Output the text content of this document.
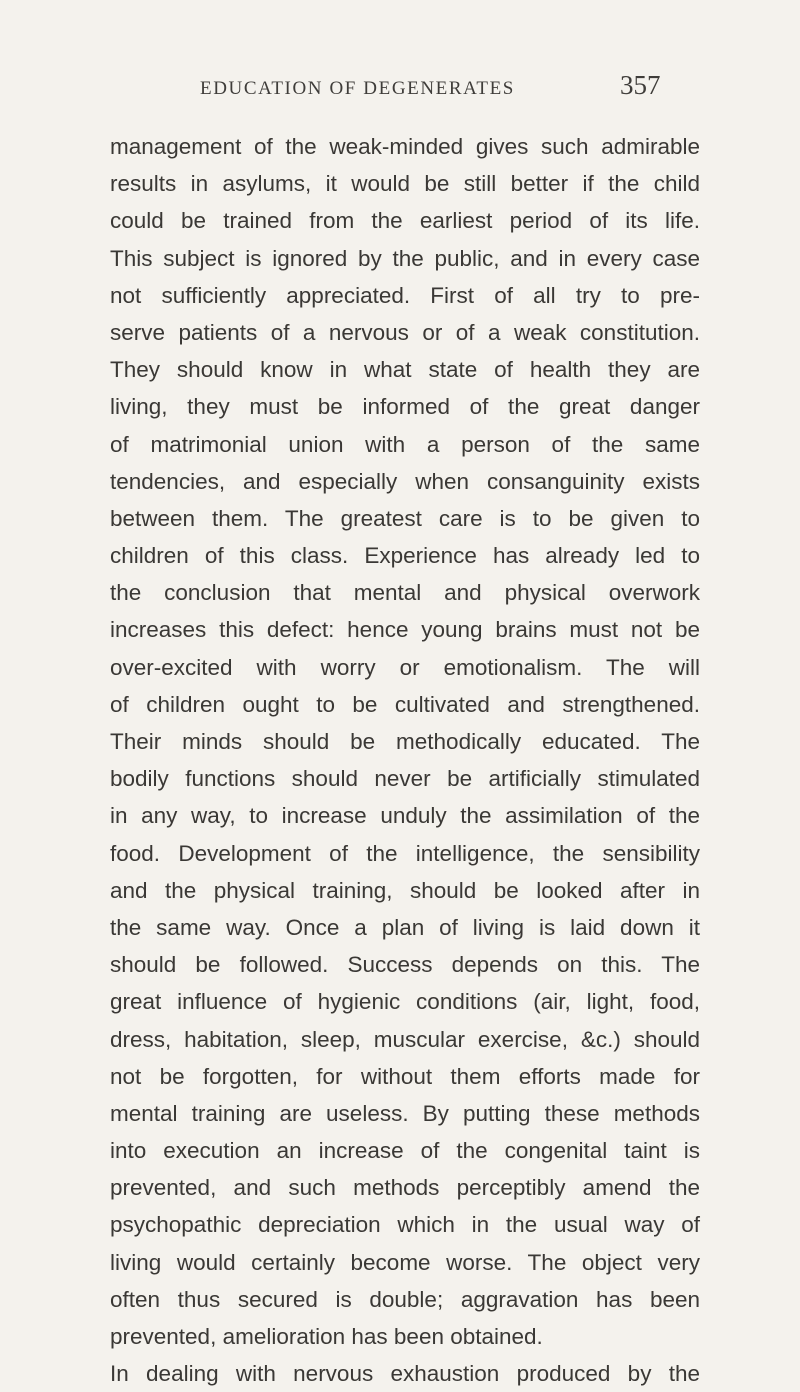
EDUCATION OF DEGENERATES	357
management of the weak-minded gives such admirable
results in asylums, it would be still better if the child
could be trained from the earliest period of its life.
This subject is ignored by the public, and in every case
not sufficiently appreciated. First of all try to pre-
serve patients of a nervous or of a weak constitution.
They should know in what state of health they are
living, they must be informed of the great danger
of matrimonial union with a person of the same
tendencies, and especially when consanguinity exists
between them. The greatest care is to be given to
children of this class. Experience has already led to
the conclusion that mental and physical overwork
increases this defect: hence young brains must not be
over-excited with worry or emotionalism. The will
of children ought to be cultivated and strengthened.
Their minds should be methodically educated. The
bodily functions should never be artificially stimulated
in any way, to increase unduly the assimilation of the
food. Development of the intelligence, the sensibility
and the physical training, should be looked after in
the same way. Once a plan of living is laid down it
should be followed. Success depends on this. The
great influence of hygienic conditions (air, light, food,
dress, habitation, sleep, muscular exercise, &c.) should
not be forgotten, for without them efforts made for
mental training are useless. By putting these methods
into execution an increase of the congenital taint is
prevented, and such methods perceptibly amend the
psychopathic depreciation which in the usual way of
living would certainly become worse. The object very
often thus secured is double; aggravation has been
prevented, amelioration has been obtained.
In dealing with nervous exhaustion produced by the
